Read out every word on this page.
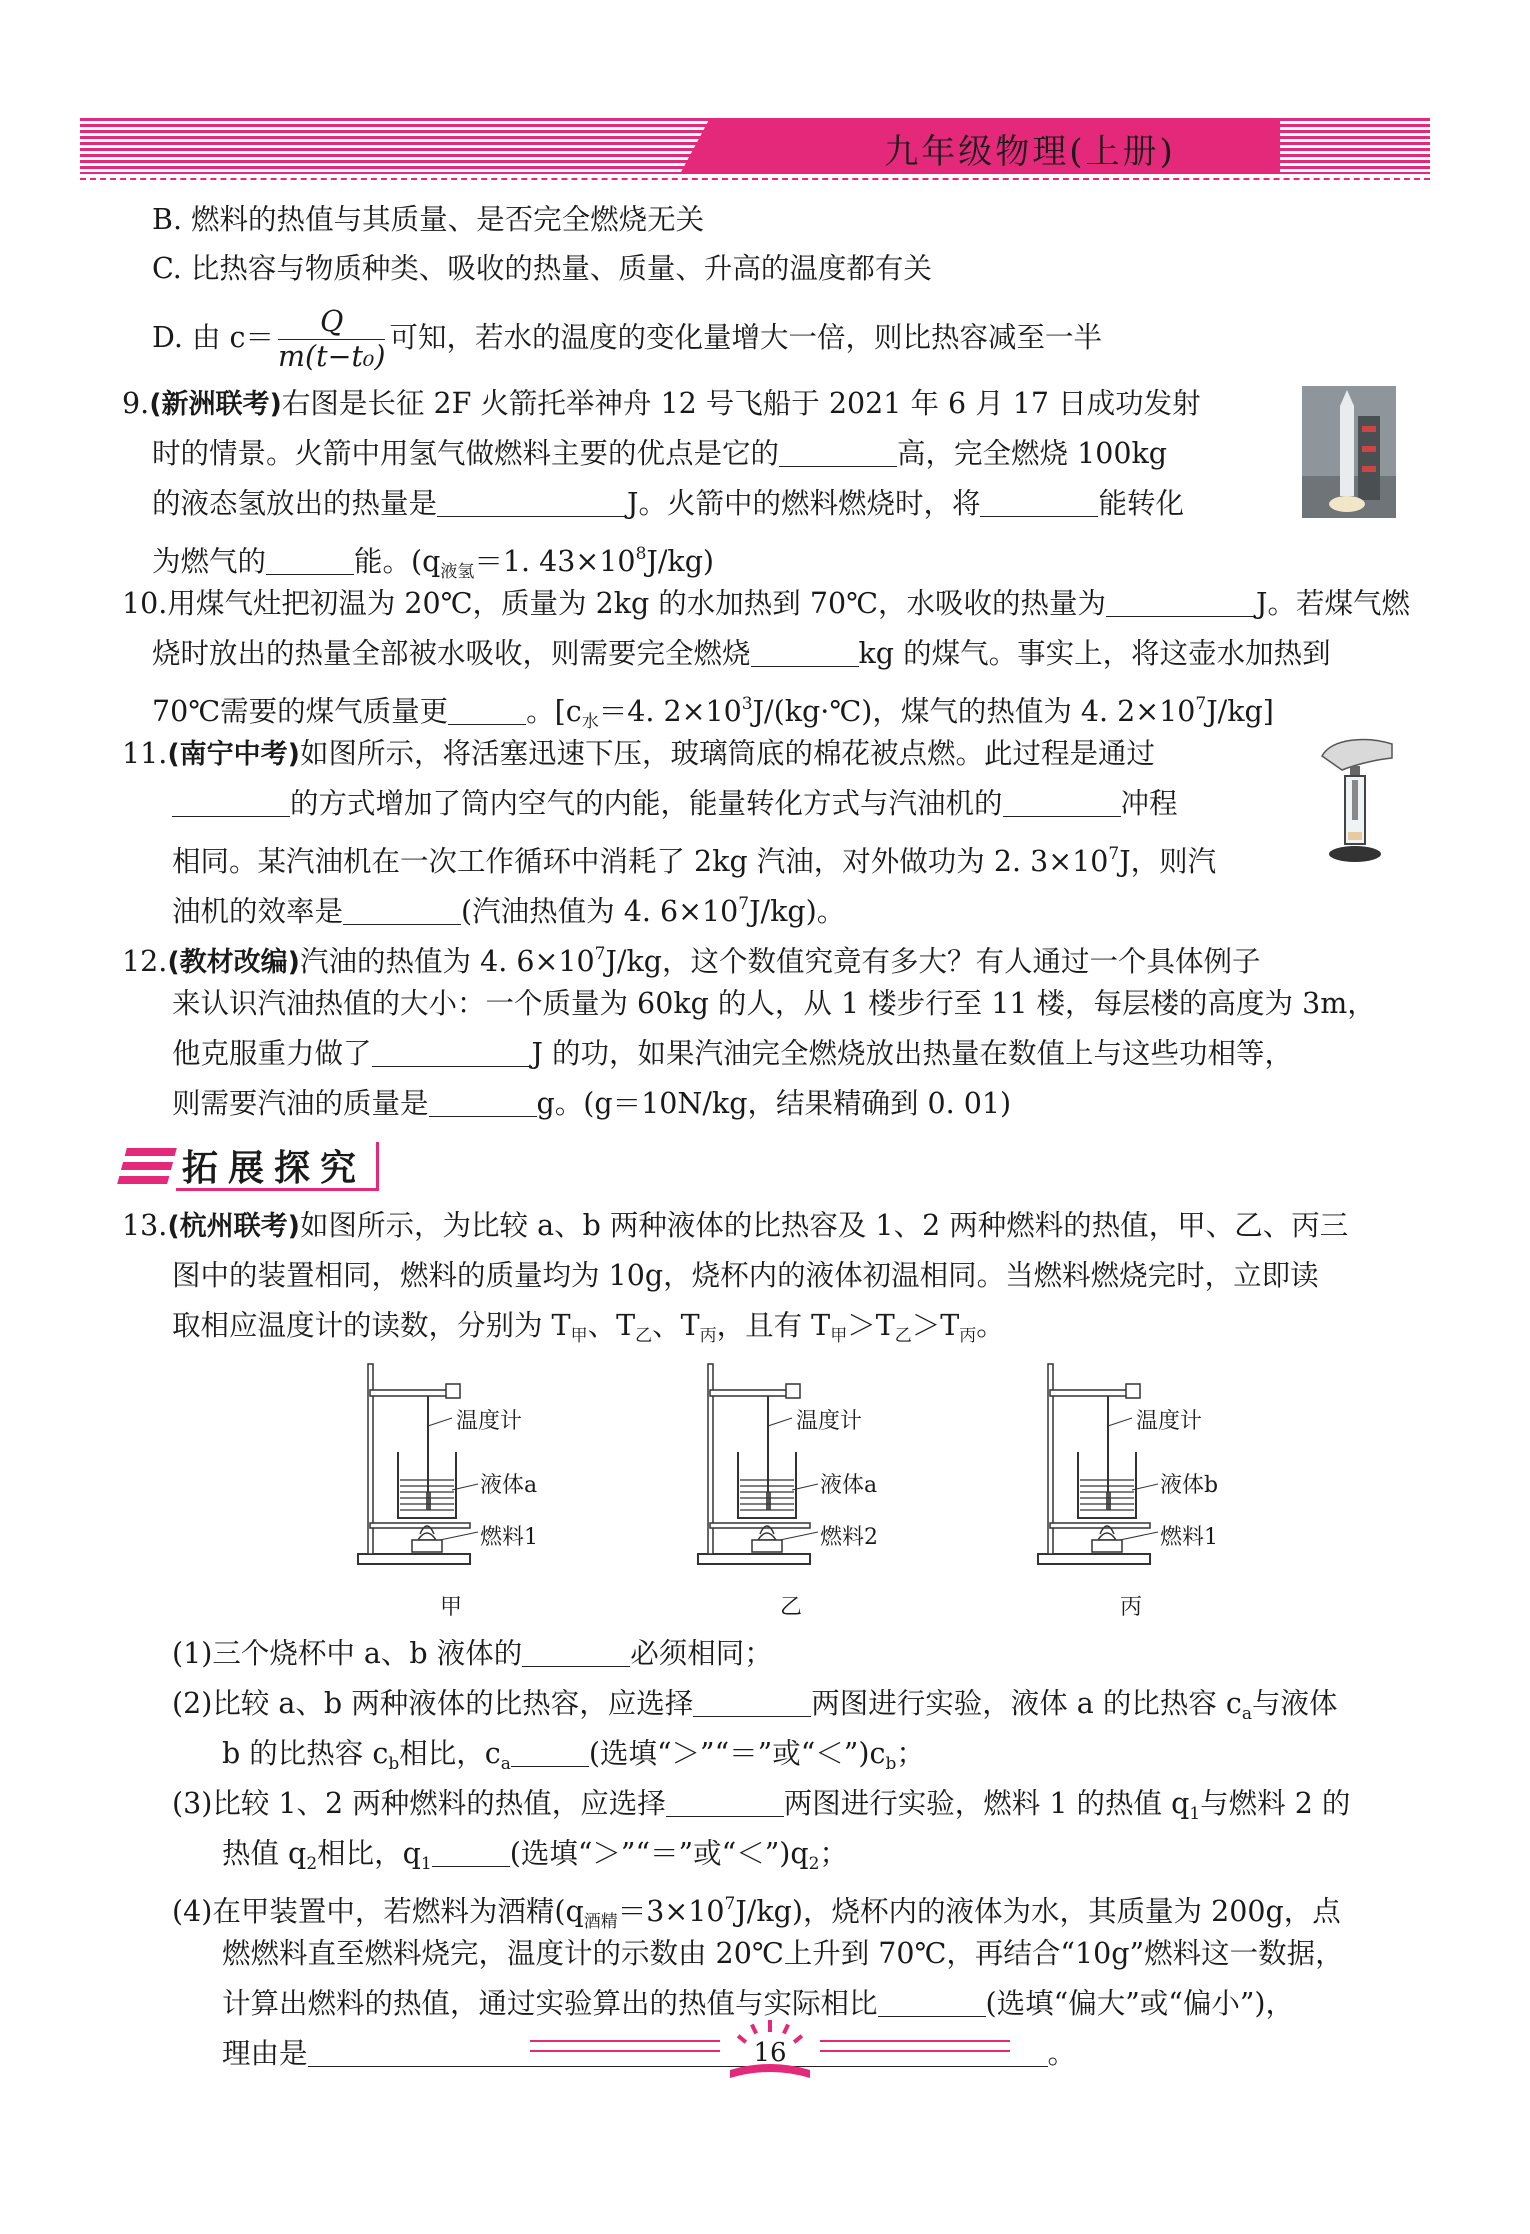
九年级物理(上册)
B. 燃料的热值与其质量、是否完全燃烧无关
C. 比热容与物质种类、吸收的热量、质量、升高的温度都有关
D. 由 $c= \frac{Q}{\text{m(t−t₀)}}$ 可知，若水的温度的变化量增大一倍，则比热容减至一半
9.(新洲联考)右图是长征 2F 火箭托举神舟 12 号飞船于 2021 年 6 月 17 日成功发射
时的情景。火箭中用氢气做燃料主要的优点是它的	高，完全燃烧 100kg
的液态氢放出的热量是	J。火箭中的燃料燃烧时，将	能转化
为燃气的	能。($q_{液氢}=1$. $43\times 10^8J/kg$)
10.用煤气灶把初温为 20℃，质量为 2kg 的水加热到 70℃，水吸收的热量为	J。若煤气燃
烧时放出的热量全部被水吸收，则需要完全燃烧	kg 的煤气。事实上，将这壶水加热到
70℃需要的煤气质量更	。[$c_水=4$. $2\times 10^3J/(kg\cdot℃)$，煤气的热值为 4. $2\times 10^7J/kg$]
11.(南宁中考)如图所示，将活塞迅速下压，玻璃筒底的棉花被点燃。此过程是通过
的方式增加了筒内空气的内能，能量转化方式与汽油机的	冲程
相同。某汽油机在一次工作循环中消耗了 2kg 汽油，对外做功为 2. $3\times 10^7J$，则汽
油机的效率是	(汽油热值为 4. $6\times 10^7J/kg$)。
12.(教材改编)汽油的热值为 4. $6\times 10^7J/kg$，这个数值究竟有多大？有人通过一个具体例子
来认识汽油热值的大小：一个质量为 60kg 的人，从 1 楼步行至 11 楼，每层楼的高度为 3m，
他克服重力做了	J 的功，如果汽油完全燃烧放出热量在数值上与这些功相等，
则需要汽油的质量是	g。(g＝10N/kg，结果精确到 0. 01)
拓展探究
13.(杭州联考)如图所示，为比较 a、b 两种液体的比热容及 1、2 两种燃料的热值，甲、乙、丙三
图中的装置相同，燃料的质量均为 10g，烧杯内的液体初温相同。当燃料燃烧完时，立即读
取相应温度计的读数，分别为 $T_甲$、$T_乙$、$T_丙$，且有 $T_甲>T_乙>T_丙$。
温度计
液体a
燃料1
甲
温度计
液体a
燃料2
乙
温度计
液体b
燃料1
丙
(1)三个烧杯中 a、b 液体的	必须相同；
(2)比较 a、b 两种液体的比热容，应选择	两图进行实验，液体 a 的比热容 $c_a$与液体
b 的比热容 $c_b$相比，$c_a$	(选填“＞”“＝”或“$<”)c_b$；
(3)比较 1、2 两种燃料的热值，应选择	两图进行实验，燃料 1 的热值 $q_1$与燃料 2 的
热值 $q_2$相比，$q_1$	(选填“＞”“＝”或“$<”)q_2$；
(4)在甲装置中，若燃料为酒精$(q_{酒精}=3\times 10^7J/kg)$，烧杯内的液体为水，其质量为 200g，点
燃燃料直至燃料烧完，温度计的示数由 20℃上升到 70℃，再结合“10g”燃料这一数据，
计算出燃料的热值，通过实验算出的热值与实际相比	(选填“偏大”或“偏小”)，
理由是	。
16
